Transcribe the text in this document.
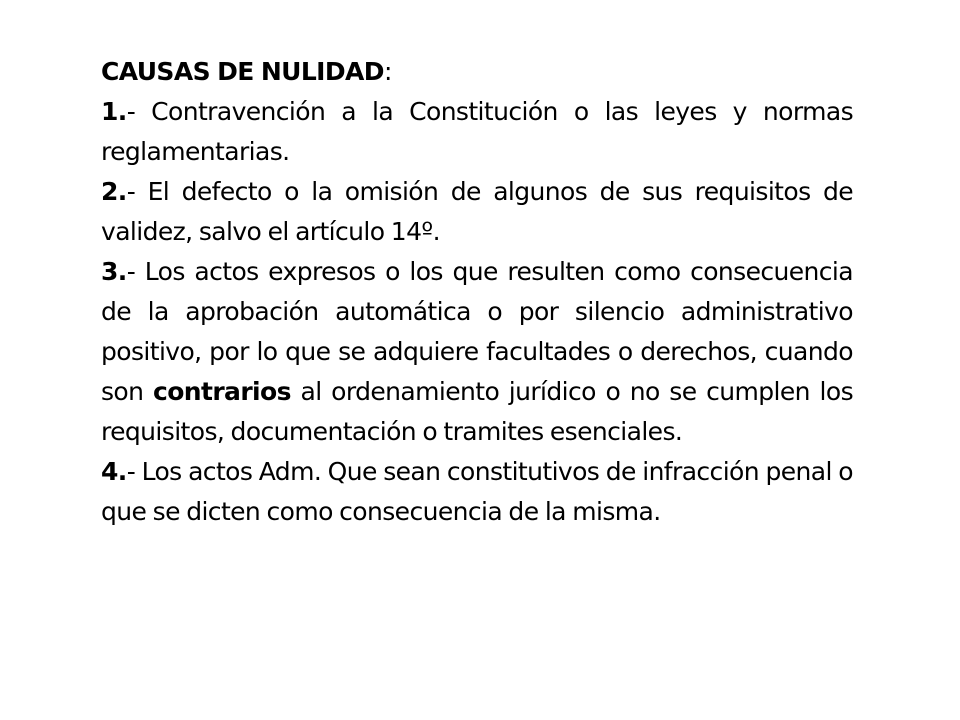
CAUSAS DE NULIDAD:

1.- Contravención a la Constitución o las leyes y normas reglamentarias.

2.- El defecto o la omisión de algunos de sus requisitos de validez, salvo el artículo 14º.

3.- Los actos expresos o los que resulten como consecuencia de la aprobación automática o por silencio administrativo positivo, por lo que se adquiere facultades o derechos, cuando son contrarios al ordenamiento jurídico o no se cumplen los requisitos, documentación o tramites esenciales.

4.- Los actos Adm. Que sean constitutivos de infracción penal o que se dicten como consecuencia de la misma.
